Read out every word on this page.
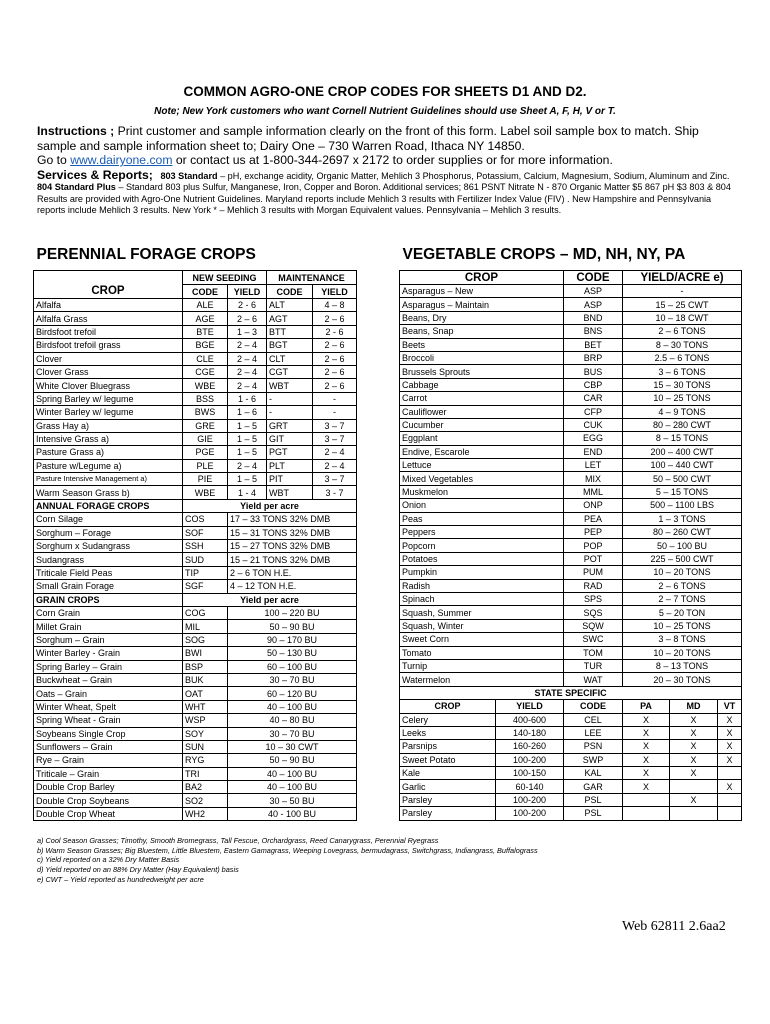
COMMON AGRO-ONE CROP CODES FOR SHEETS D1 AND D2.
Note; New York customers who want Cornell Nutrient Guidelines should use Sheet A, F, H, V or T.
Instructions ; Print customer and sample information clearly on the front of this form. Label soil sample box to match. Ship sample and sample information sheet to; Dairy One – 730 Warren Road, Ithaca NY 14850.
Go to www.dairyone.com or contact us at 1-800-344-2697 x 2172 to order supplies or for more information.
Services & Reports; 803 Standard – pH, exchange acidity, Organic Matter, Mehlich 3 Phosphorus, Potassium, Calcium, Magnesium, Sodium, Aluminum and Zinc. 804 Standard Plus – Standard 803 plus Sulfur, Manganese, Iron, Copper and Boron. Additional services; 861 PSNT Nitrate N - 870 Organic Matter $5 867 pH $3 803 & 804 Results are provided with Agro-One Nutrient Guidelines. Maryland reports include Mehlich 3 results with Fertilizer Index Value (FIV) . New Hampshire and Pennsylvania reports include Mehlich 3 results. New York * – Mehlich 3 results with Morgan Equivalent values. Pennsylvania – Mehlich 3 results.
PERENNIAL FORAGE CROPS				
	NEW SEEDING		MAINTENANCE	
CROP	CODE	YIELD	CODE	YIELD
Alfalfa	ALE	2 - 6	ALT	4 – 8
Alfalfa Grass	AGE	2 – 6	AGT	2 – 6
Birdsfoot trefoil	BTE	1 – 3	BTT	2 - 6
Birdsfoot trefoil grass	BGE	2 – 4	BGT	2 – 6
Clover	CLE	2 – 4	CLT	2 – 6
Clover Grass	CGE	2 – 4	CGT	2 – 6
White Clover Bluegrass	WBE	2 – 4	WBT	2 – 6
Spring Barley w/ legume	BSS	1 - 6	-	-
Winter Barley w/ legume	BWS	1 – 6	-	-
Grass Hay a)	GRE	1 – 5	GRT	3 – 7
Intensive Grass a)	GIE	1 – 5	GIT	3 – 7
Pasture Grass a)	PGE	1 – 5	PGT	2 – 4
Pasture w/Legume a)	PLE	2 – 4	PLT	2 – 4
Pasture Intensive Management a)	PIE	1 – 5	PIT	3 – 7
Warm Season Grass b)	WBE	1 - 4	WBT	3 - 7
ANNUAL FORAGE CROPS	Yield per acre			
Corn Silage	COS	17 – 33 TONS 32% DMB		
Sorghum – Forage	SOF	15 – 31 TONS 32% DMB		
Sorghum x Sudangrass	SSH	15 – 27 TONS 32% DMB		
Sudangrass	SUD	15 – 21 TONS 32% DMB		
Triticale Field Peas	TIP	2 – 6 TON H.E.		
Small Grain Forage	SGF	4 – 12 TON H.E.		
GRAIN CROPS	Yield per acre			
Corn Grain	COG	100 – 220 BU		
Millet Grain	MIL	50 – 90 BU		
Sorghum – Grain	SOG	90 – 170 BU		
Winter Barley - Grain	BWI	50 – 130 BU		
Spring Barley – Grain	BSP	60 – 100 BU		
Buckwheat – Grain	BUK	30 – 70 BU		
Oats – Grain	OAT	60 – 120 BU		
Winter Wheat, Spelt	WHT	40 – 100 BU		
Spring Wheat - Grain	WSP	40 – 80 BU		
Soybeans Single Crop	SOY	30 – 70 BU		
Sunflowers – Grain	SUN	10 – 30 CWT		
Rye – Grain	RYG	50 – 90 BU		
Triticale – Grain	TRI	40 – 100 BU		
Double Crop Barley	BA2	40 – 100 BU		
Double Crop Soybeans	SO2	30 – 50 BU		
Double Crop Wheat	WH2	40 - 100 BU		
VEGETABLE CROPS – MD, NH, NY, PA					
CROP		CODE	YIELD/ACRE e)		
Asparagus – New		ASP	-		
Asparagus – Maintain		ASP	15 – 25 CWT		
Beans, Dry		BND	10 – 18 CWT		
Beans, Snap		BNS	2 – 6 TONS		
Beets		BET	8 – 30 TONS		
Broccoli		BRP	2.5 – 6 TONS		
Brussels Sprouts		BUS	3 – 6 TONS		
Cabbage		CBP	15 – 30 TONS		
Carrot		CAR	10 – 25 TONS		
Cauliflower		CFP	4 – 9 TONS		
Cucumber		CUK	80 – 280 CWT		
Eggplant		EGG	8 – 15 TONS		
Endive, Escarole		END	200 – 400 CWT		
Lettuce		LET	100 – 440 CWT		
Mixed Vegetables		MIX	50 – 500 CWT		
Muskmelon		MML	5 – 15 TONS		
Onion		ONP	500 – 1100 LBS		
Peas		PEA	1 – 3 TONS		
Peppers		PEP	80 – 260 CWT		
Popcorn		POP	50 – 100 BU		
Potatoes		POT	225 – 500 CWT		
Pumpkin		PUM	10 – 20 TONS		
Radish		RAD	2 – 6 TONS		
Spinach		SPS	2 – 7 TONS		
Squash, Summer		SQS	5 – 20 TON		
Squash, Winter		SQW	10 – 25 TONS		
Sweet Corn		SWC	3 – 8 TONS		
Tomato		TOM	10 – 20 TONS		
Turnip		TUR	8 – 13 TONS		
Watermelon		WAT	20 – 30 TONS		
STATE SPECIFIC					
CROP	YIELD	CODE	PA	MD	VT
Celery	400-600	CEL	X	X	X
Leeks	140-180	LEE	X	X	X
Parsnips	160-260	PSN	X	X	X
Sweet Potato	100-200	SWP	X	X	X
Kale	100-150	KAL	X	X	
Garlic	60-140	GAR	X		X
Parsley	100-200	PSL		X	
Parsley	100-200	PSL			
a) Cool Season Grasses; Timothy, Smooth Bromegrass, Tall Fescue, Orchardgrass, Reed Canarygrass, Perennial Ryegrass
b) Warm Season Grasses; Big Bluestem, Little Bluestem, Eastern Gamagrass, Weeping Lovegrass, bermudagrass, Switchgrass, Indiangrass, Buffalograss
c) Yield reported on a 32% Dry Matter Basis
d) Yield reported on an 88% Dry Matter (Hay Equivalent) basis
e) CWT – Yield reported as hundredweight per acre
Web 62811 2.6aa2
